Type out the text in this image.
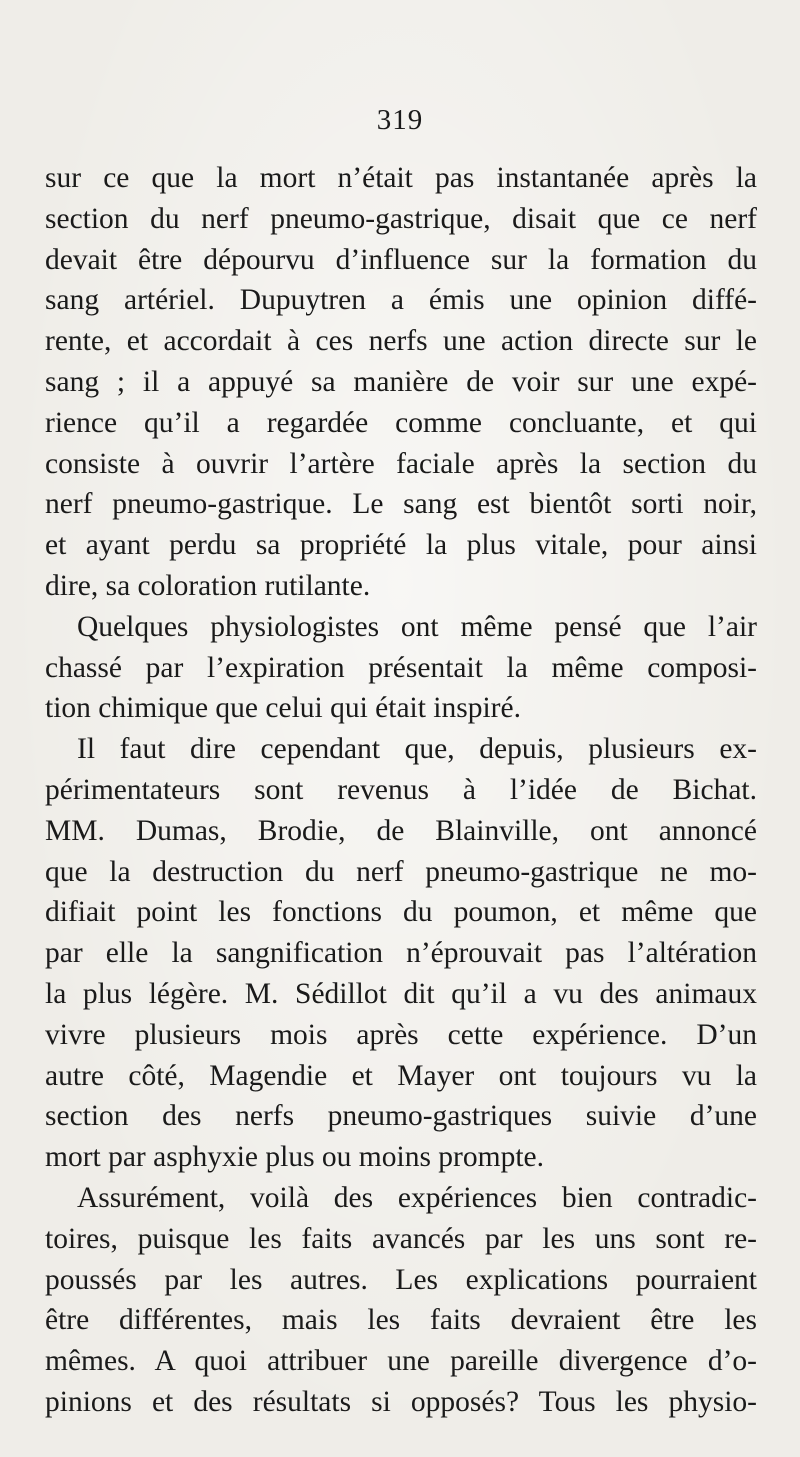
319
sur ce que la mort n’était pas instantanée après la
section du nerf pneumo-gastrique, disait que ce nerf
devait être dépourvu d’influence sur la formation du
sang artériel. Dupuytren a émis une opinion diffé-
rente, et accordait à ces nerfs une action directe sur le
sang ; il a appuyé sa manière de voir sur une expé-
rience qu’il a regardée comme concluante, et qui
consiste à ouvrir l’artère faciale après la section du
nerf pneumo-gastrique. Le sang est bientôt sorti noir,
et ayant perdu sa propriété la plus vitale, pour ainsi
dire, sa coloration rutilante.
Quelques physiologistes ont même pensé que l’air
chassé par l’expiration présentait la même composi-
tion chimique que celui qui était inspiré.
Il faut dire cependant que, depuis, plusieurs ex-
périmentateurs sont revenus à l’idée de Bichat.
MM. Dumas, Brodie, de Blainville, ont annoncé
que la destruction du nerf pneumo-gastrique ne mo-
difiait point les fonctions du poumon, et même que
par elle la sangnification n’éprouvait pas l’altération
la plus légère. M. Sédillot dit qu’il a vu des animaux
vivre plusieurs mois après cette expérience. D’un
autre côté, Magendie et Mayer ont toujours vu la
section des nerfs pneumo-gastriques suivie d’une
mort par asphyxie plus ou moins prompte.
Assurément, voilà des expériences bien contradic-
toires, puisque les faits avancés par les uns sont re-
poussés par les autres. Les explications pourraient
être différentes, mais les faits devraient être les
mêmes. A quoi attribuer une pareille divergence d’o-
pinions et des résultats si opposés? Tous les physio-
